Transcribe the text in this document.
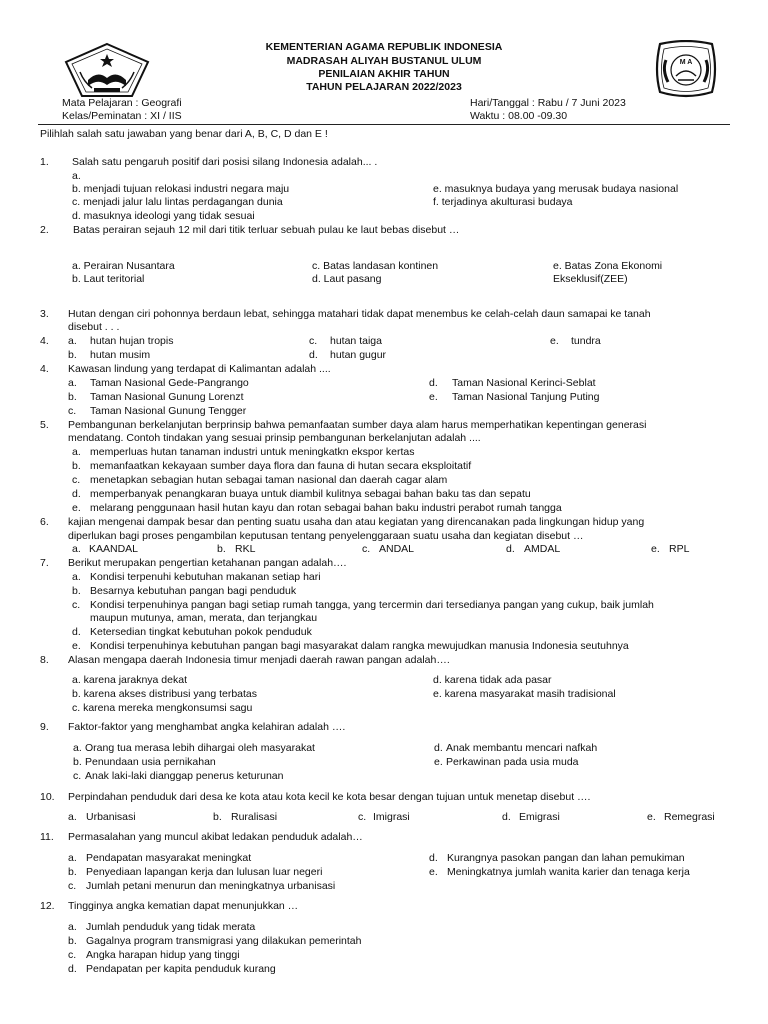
M A
KEMENTERIAN AGAMA REPUBLIK INDONESIA
MADRASAH ALIYAH BUSTANUL ULUM
PENILAIAN AKHIR TAHUN
TAHUN PELAJARAN 2022/2023
Mata Pelajaran : Geografi
Kelas/Peminatan : XI / IIS
Hari/Tanggal : Rabu / 7 Juni 2023
Waktu : 08.00 -09.30
Pilihlah salah satu jawaban yang benar dari A, B, C, D dan E !
1. Salah satu pengaruh positif dari posisi silang Indonesia adalah... .
a.
b. menjadi tujuan relokasi industri negara maju
c. menjadi jalur lalu lintas perdagangan dunia
d. masuknya ideologi yang tidak sesuai
e. masuknya budaya yang merusak budaya nasional
f. terjadinya akulturasi budaya
2. Batas perairan sejauh 12 mil dari titik terluar sebuah pulau ke laut bebas disebut …
a. Perairan Nusantara
b. Laut teritorial
c. Batas landasan kontinen
d. Laut pasang
e. Batas Zona Ekonomi
Ekseklusif(ZEE)
3. Hutan dengan ciri pohonnya berdaun lebat, sehingga matahari tidak dapat menembus ke celah-celah daun samapai ke tanah
disebut . . .
4. a. hutan hujan tropis	c. hutan taiga	e. tundra
b. hutan musim	d. hutan gugur
4. Kawasan lindung yang terdapat di Kalimantan adalah ....
a. Taman Nasional Gede-Pangrango
b. Taman Nasional Gunung Lorenzt
c. Taman Nasional Gunung Tengger
d. Taman Nasional Kerinci-Seblat
e. Taman Nasional Tanjung Puting
5. Pembangunan berkelanjutan berprinsip bahwa pemanfaatan sumber daya alam harus memperhatikan kepentingan generasi
mendatang. Contoh tindakan yang sesuai prinsip pembangunan berkelanjutan adalah ....
a. memperluas hutan tanaman industri untuk meningkatkn ekspor kertas
b. memanfaatkan kekayaan sumber daya flora dan fauna di hutan secara eksploitatif
c. menetapkan sebagian hutan sebagai taman nasional dan daerah cagar alam
d. memperbanyak penangkaran buaya untuk diambil kulitnya sebagai bahan baku tas dan sepatu
e. melarang penggunaan hasil hutan kayu dan rotan sebagai bahan baku industri perabot rumah tangga
6. kajian mengenai dampak besar dan penting suatu usaha dan atau kegiatan yang direncanakan pada lingkungan hidup yang
diperlukan bagi proses pengambilan keputusan tentang penyelenggaraan suatu usaha dan kegiatan disebut …
a. KAANDAL	b. RKL	c. ANDAL	d. AMDAL	e. RPL
7. Berikut merupakan pengertian ketahanan pangan adalah….
a. Kondisi terpenuhi kebutuhan makanan setiap hari
b. Besarnya kebutuhan pangan bagi penduduk
c. Kondisi terpenuhinya pangan bagi setiap rumah tangga, yang tercermin dari tersedianya pangan yang cukup, baik jumlah
maupun mutunya, aman, merata, dan terjangkau
d. Ketersedian tingkat kebutuhan pokok penduduk
e. Kondisi terpenuhinya kebutuhan pangan bagi masyarakat dalam rangka mewujudkan manusia Indonesia seutuhnya
8. Alasan mengapa daerah Indonesia timur menjadi daerah rawan pangan adalah….
a. karena jaraknya dekat
b. karena akses distribusi yang terbatas
c. karena mereka mengkonsumsi sagu
d. karena tidak ada pasar
e. karena masyarakat masih tradisional
9. Faktor-faktor yang menghambat angka kelahiran adalah ….
a. Orang tua merasa lebih dihargai oleh masyarakat
b. Penundaan usia pernikahan
c. Anak laki-laki dianggap penerus keturunan
d. Anak membantu mencari nafkah
e. Perkawinan pada usia muda
10. Perpindahan penduduk dari desa ke kota atau kota kecil ke kota besar dengan tujuan untuk menetap disebut ….
a. Urbanisasi	b. Ruralisasi	c. Imigrasi	d. Emigrasi	e. Remegrasi
11. Permasalahan yang muncul akibat ledakan penduduk adalah…
a. Pendapatan masyarakat meningkat
b. Penyediaan lapangan kerja dan lulusan luar negeri
c. Jumlah petani menurun dan meningkatnya urbanisasi
d. Kurangnya pasokan pangan dan lahan pemukiman
e. Meningkatnya jumlah wanita karier dan tenaga kerja
12. Tingginya angka kematian dapat menunjukkan …
a. Jumlah penduduk yang tidak merata
b. Gagalnya program transmigrasi yang dilakukan pemerintah
c. Angka harapan hidup yang tinggi
d. Pendapatan per kapita penduduk kurang
